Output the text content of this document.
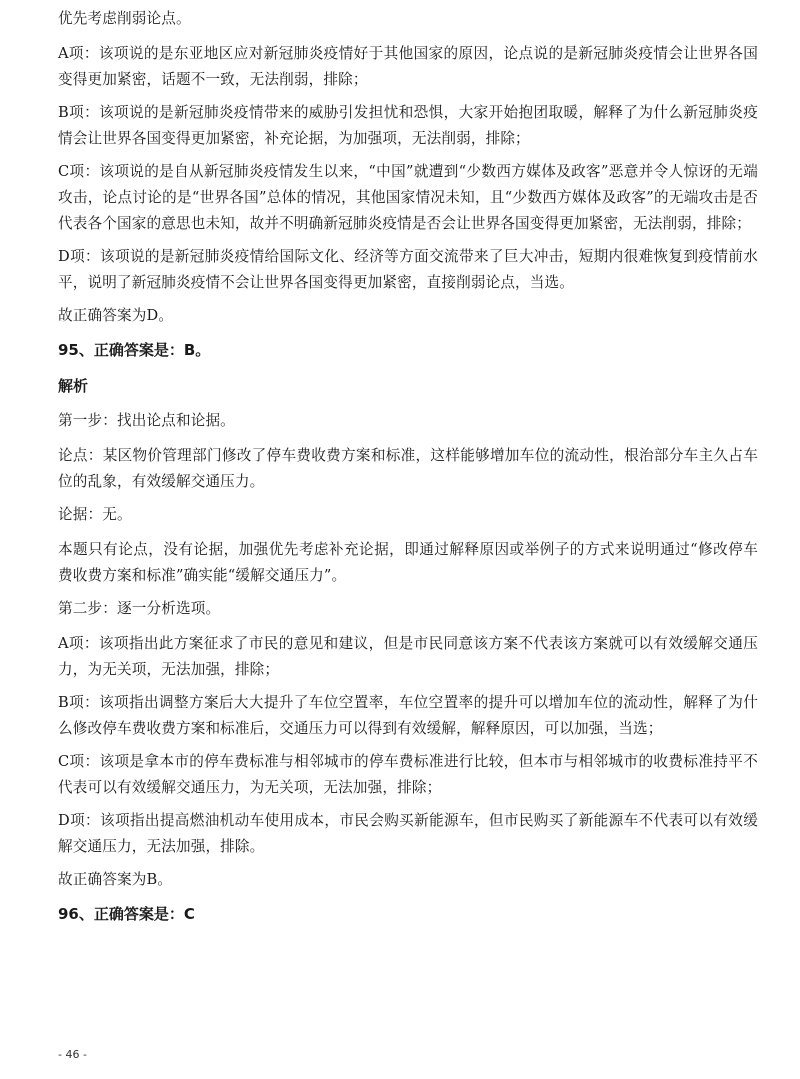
优先考虑削弱论点。

A项：该项说的是东亚地区应对新冠肺炎疫情好于其他国家的原因，论点说的是新冠肺炎疫情会让世界各国变得更加紧密，话题不一致，无法削弱，排除；

B项：该项说的是新冠肺炎疫情带来的威胁引发担忧和恐惧，大家开始抱团取暖，解释了为什么新冠肺炎疫情会让世界各国变得更加紧密，补充论据，为加强项，无法削弱，排除；

C项：该项说的是自从新冠肺炎疫情发生以来，“中国”就遭到“少数西方媒体及政客”恶意并令人惊讶的无端攻击，论点讨论的是“世界各国”总体的情况，其他国家情况未知，且“少数西方媒体及政客”的无端攻击是否代表各个国家的意思也未知，故并不明确新冠肺炎疫情是否会让世界各国变得更加紧密，无法削弱，排除；

D项：该项说的是新冠肺炎疫情给国际文化、经济等方面交流带来了巨大冲击，短期内很难恢复到疫情前水平，说明了新冠肺炎疫情不会让世界各国变得更加紧密，直接削弱论点，当选。

故正确答案为D。

95、正确答案是：B。

解析

第一步：找出论点和论据。

论点：某区物价管理部门修改了停车费收费方案和标准，这样能够增加车位的流动性，根治部分车主久占车位的乱象，有效缓解交通压力。

论据：无。

本题只有论点，没有论据，加强优先考虑补充论据，即通过解释原因或举例子的方式来说明通过“修改停车费收费方案和标准”确实能“缓解交通压力”。

第二步：逐一分析选项。

A项：该项指出此方案征求了市民的意见和建议，但是市民同意该方案不代表该方案就可以有效缓解交通压力，为无关项，无法加强，排除；

B项：该项指出调整方案后大大提升了车位空置率，车位空置率的提升可以增加车位的流动性，解释了为什么修改停车费收费方案和标准后，交通压力可以得到有效缓解，解释原因，可以加强，当选；

C项：该项是拿本市的停车费标准与相邻城市的停车费标准进行比较，但本市与相邻城市的收费标准持平不代表可以有效缓解交通压力，为无关项，无法加强，排除；

D项：该项指出提高燃油机动车使用成本，市民会购买新能源车，但市民购买了新能源车不代表可以有效缓解交通压力，无法加强，排除。

故正确答案为B。

96、正确答案是：C

- 46 -
